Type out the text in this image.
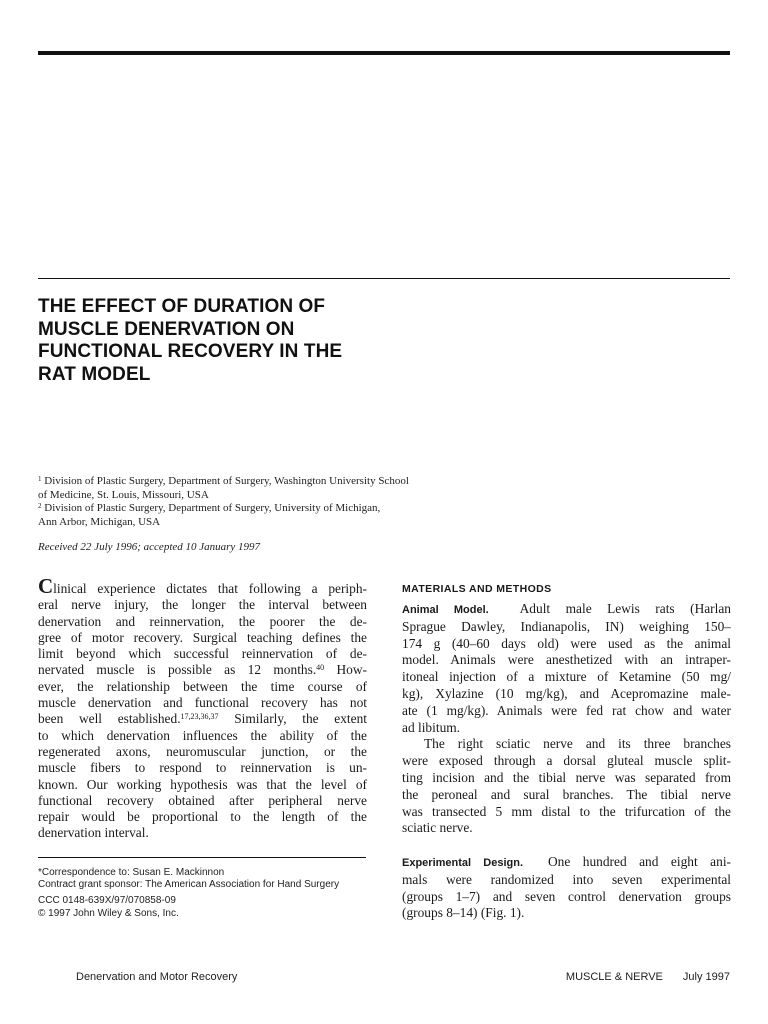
THE EFFECT OF DURATION OF
MUSCLE DENERVATION ON
FUNCTIONAL RECOVERY IN THE
RAT MODEL

$^1$ Division of Plastic Surgery, Department of Surgery, Washington University School

of Medicine, St. Louis, Missouri, USA

$^2$ Division of Plastic Surgery, Department of Surgery, University of Michigan,

Ann Arbor, Michigan, USA

Received 22 July 1996; accepted 10 January 1997
Clinical experience dictates that following a periph-
eral nerve injury, the longer the interval between
denervation and reinnervation, the poorer the de-
gree of motor recovery. Surgical teaching defines the
limit beyond which successful reinnervation of de-
nervated muscle is possible as 12 months.$^{40}$ How-
ever, the relationship between the time course of
muscle denervation and functional recovery has not
been well established.$^{17,23,36,37}$ Similarly, the extent
to which denervation influences the ability of the
regenerated axons, neuromuscular junction, or the
muscle fibers to respond to reinnervation is un-
known. Our working hypothesis was that the level of
functional recovery obtained after peripheral nerve
repair would be proportional to the length of the
denervation interval.

*Correspondence to: Susan E. Mackinnon

Contract grant sponsor: The American Association for Hand Surgery

CCC 0148-639X/97/070858-09

© 1997 John Wiley & Sons, Inc.

MATERIALS AND METHODS
Animal Model. Adult male Lewis rats (Harlan
Sprague Dawley, Indianapolis, IN) weighing 150–
174 g (40–60 days old) were used as the animal
model. Animals were anesthetized with an intraper-
itoneal injection of a mixture of Ketamine (50 mg/
kg), Xylazine (10 mg/kg), and Acepromazine male-
ate (1 mg/kg). Animals were fed rat chow and water
ad libitum.
The right sciatic nerve and its three branches
were exposed through a dorsal gluteal muscle split-
ting incision and the tibial nerve was separated from
the peroneal and sural branches. The tibial nerve
was transected 5 mm distal to the trifurcation of the
sciatic nerve.
Experimental Design. One hundred and eight ani-
mals were randomized into seven experimental
(groups 1–7) and seven control denervation groups
(groups 8–14) (Fig. 1).
Denervation and Motor Recovery	MUSCLE & NERVE July 1997
